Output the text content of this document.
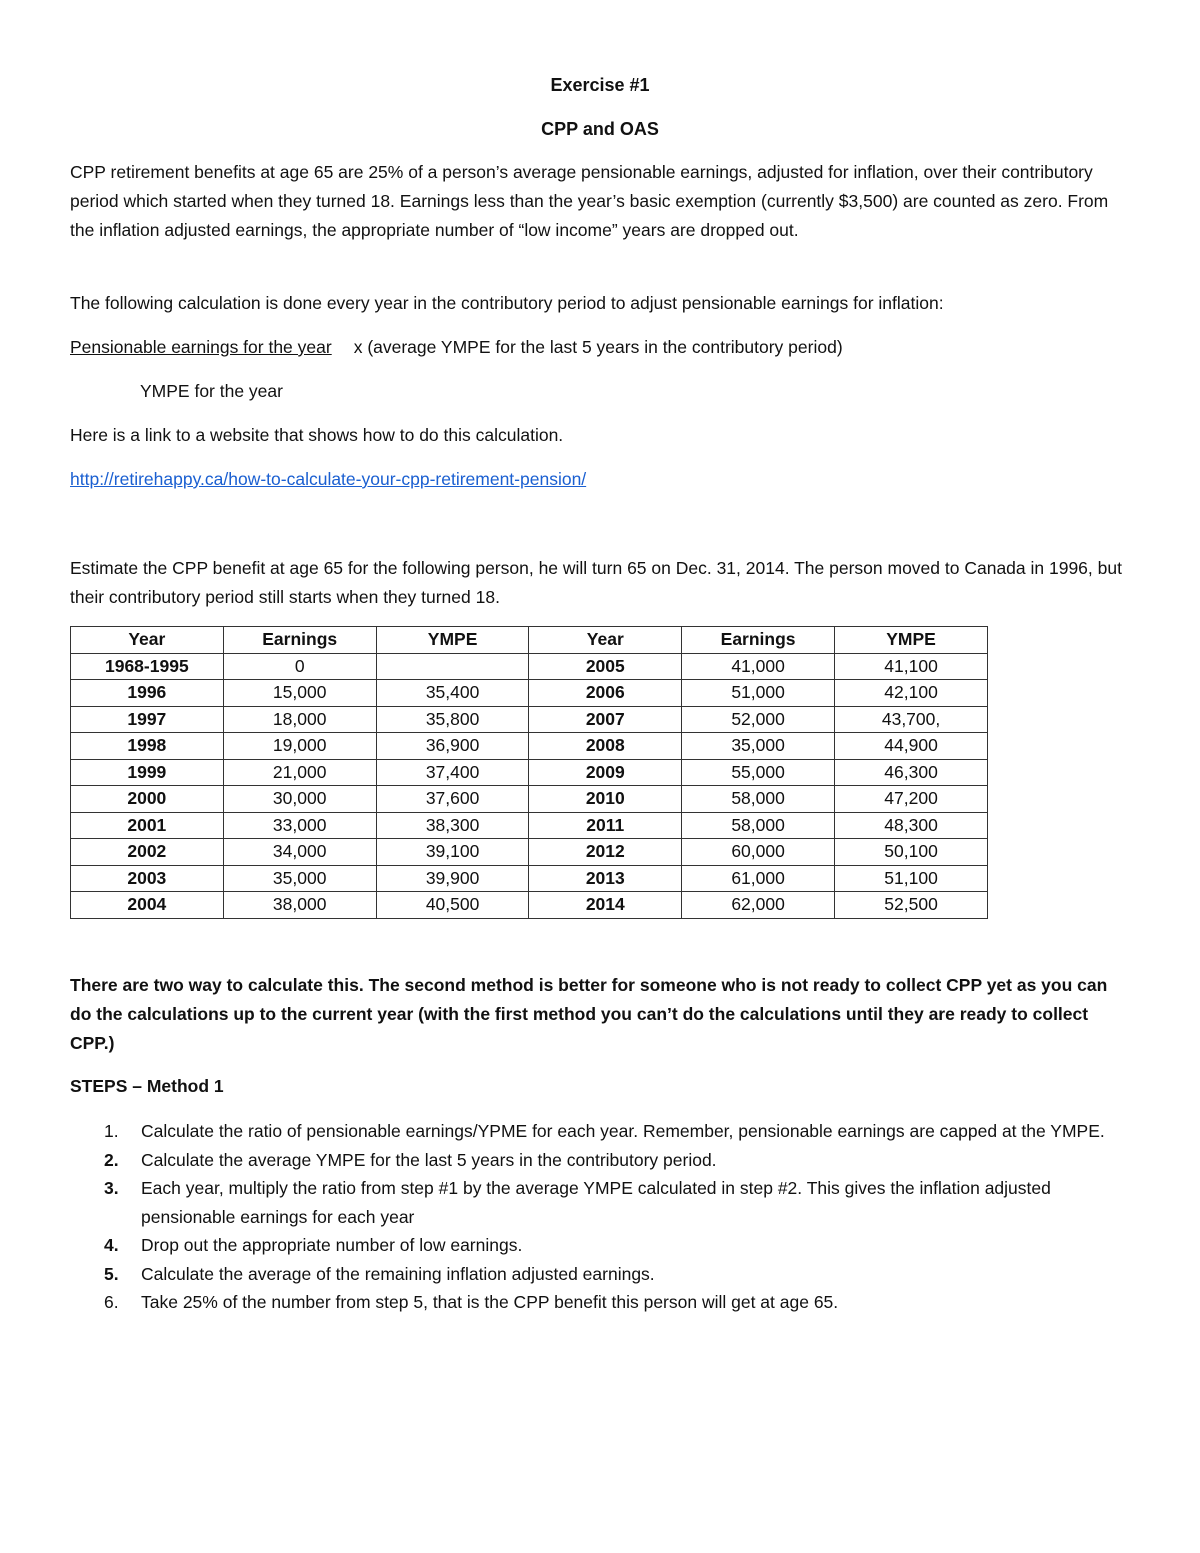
Exercise #1

CPP and OAS

CPP retirement benefits at age 65 are 25% of a person’s average pensionable earnings, adjusted for inflation, over their contributory period which started when they turned 18. Earnings less than the year’s basic exemption (currently $3,500) are counted as zero. From the inflation adjusted earnings, the appropriate number of “low income” years are dropped out.

The following calculation is done every year in the contributory period to adjust pensionable earnings for inflation:

Pensionable earnings for the year x (average YMPE for the last 5 years in the contributory period)

YMPE for the year

Here is a link to a website that shows how to do this calculation.

http://retirehappy.ca/how-to-calculate-your-cpp-retirement-pension/

Estimate the CPP benefit at age 65 for the following person, he will turn 65 on Dec. 31, 2014. The person moved to Canada in 1996, but their contributory period still starts when they turned 18.

Year	Earnings	YMPE	Year	Earnings	YMPE
1968-1995	0		2005	41,000	41,100
1996	15,000	35,400	2006	51,000	42,100
1997	18,000	35,800	2007	52,000	43,700,
1998	19,000	36,900	2008	35,000	44,900
1999	21,000	37,400	2009	55,000	46,300
2000	30,000	37,600	2010	58,000	47,200
2001	33,000	38,300	2011	58,000	48,300
2002	34,000	39,100	2012	60,000	50,100
2003	35,000	39,900	2013	61,000	51,100
2004	38,000	40,500	2014	62,000	52,500

There are two way to calculate this. The second method is better for someone who is not ready to collect CPP yet as you can do the calculations up to the current year (with the first method you can’t do the calculations until they are ready to collect CPP.)

STEPS – Method 1

1. Calculate the ratio of pensionable earnings/YPME for each year. Remember, pensionable earnings are capped at the YMPE.
2. Calculate the average YMPE for the last 5 years in the contributory period.
3. Each year, multiply the ratio from step #1 by the average YMPE calculated in step #2. This gives the inflation adjusted pensionable earnings for each year
4. Drop out the appropriate number of low earnings.
5. Calculate the average of the remaining inflation adjusted earnings.
6. Take 25% of the number from step 5, that is the CPP benefit this person will get at age 65.
